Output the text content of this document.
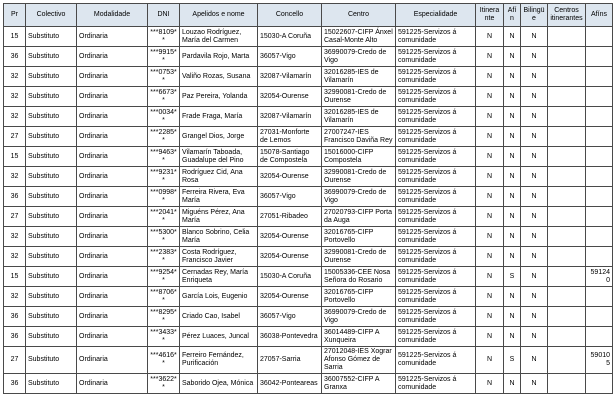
Pr	Colectivo	Modalidade	DNI	Apelidos e nome	Concello	Centro	Especialidade	Itinerante	Afín	Bilingüe	Centros itinerantes	Afíns
15	Substituto	Ordinaria	***8109**	Louzao Rodríguez, María del Carmen	15030-A Coruña	15022607-CIFP Ánxel Casal-Monte Alto	591225-Servizos á comunidade	N	N	N		
36	Substituto	Ordinaria	***9915**	Pardavila Rojo, Marta	36057-Vigo	36990079-Credo de Vigo	591225-Servizos á comunidade	N	N	N		
32	Substituto	Ordinaria	***0753**	Valiño Rozas, Susana	32087-Vilamarín	32016285-IES de Vilamarín	591225-Servizos á comunidade	N	N	N		
32	Substituto	Ordinaria	***6673**	Paz Pereira, Yolanda	32054-Ourense	32990081-Credo de Ourense	591225-Servizos á comunidade	N	N	N		
32	Substituto	Ordinaria	***0034**	Frade Fraga, María	32087-Vilamarín	32016285-IES de Vilamarín	591225-Servizos á comunidade	N	N	N		
27	Substituto	Ordinaria	***2285**	Grangel Dios, Jorge	27031-Monforte de Lemos	27007247-IES Francisco Daviña Rey	591225-Servizos á comunidade	N	N	N		
15	Substituto	Ordinaria	***9463**	Vilamarín Taboada, Guadalupe del Pino	15078-Santiago de Compostela	15016000-CIFP Compostela	591225-Servizos á comunidade	N	N	N		
32	Substituto	Ordinaria	***9231**	Rodríguez Cid, Ana Rosa	32054-Ourense	32990081-Credo de Ourense	591225-Servizos á comunidade	N	N	N		
36	Substituto	Ordinaria	***0998**	Ferreira Rivera, Eva María	36057-Vigo	36990079-Credo de Vigo	591225-Servizos á comunidade	N	N	N		
27	Substituto	Ordinaria	***2041**	Miguéns Pérez, Ana María	27051-Ribadeo	27020793-CIFP Porta da Auga	591225-Servizos á comunidade	N	N	N		
32	Substituto	Ordinaria	***5300**	Blanco Sobrino, Celia María	32054-Ourense	32016765-CIFP Portovello	591225-Servizos á comunidade	N	N	N		
32	Substituto	Ordinaria	***2383**	Costa Rodríguez, Francisco Javier	32054-Ourense	32990081-Credo de Ourense	591225-Servizos á comunidade	N	N	N		
15	Substituto	Ordinaria	***9254**	Cernadas Rey, María Enriqueta	15030-A Coruña	15005336-CEE Nosa Señora do Rosario	591225-Servizos á comunidade	N	S	N		591240
32	Substituto	Ordinaria	***8706**	García Lois, Eugenio	32054-Ourense	32016765-CIFP Portovello	591225-Servizos á comunidade	N	N	N		
36	Substituto	Ordinaria	***8295**	Criado Cao, Isabel	36057-Vigo	36990079-Credo de Vigo	591225-Servizos á comunidade	N	N	N		
36	Substituto	Ordinaria	***3433**	Pérez Luaces, Juncal	36038-Pontevedra	36014489-CIFP A Xunqueira	591225-Servizos á comunidade	N	N	N		
27	Substituto	Ordinaria	***4616**	Ferreiro Fernández, Purificación	27057-Sarria	27012048-IES Xograr Afonso Gómez de Sarria	591225-Servizos á comunidade	N	S	N		590105
36	Substituto	Ordinaria	***3622**	Saborido Ojea, Mónica	36042-Ponteareas	36007552-CIFP A Granxa	591225-Servizos á comunidade	N	N	N		
